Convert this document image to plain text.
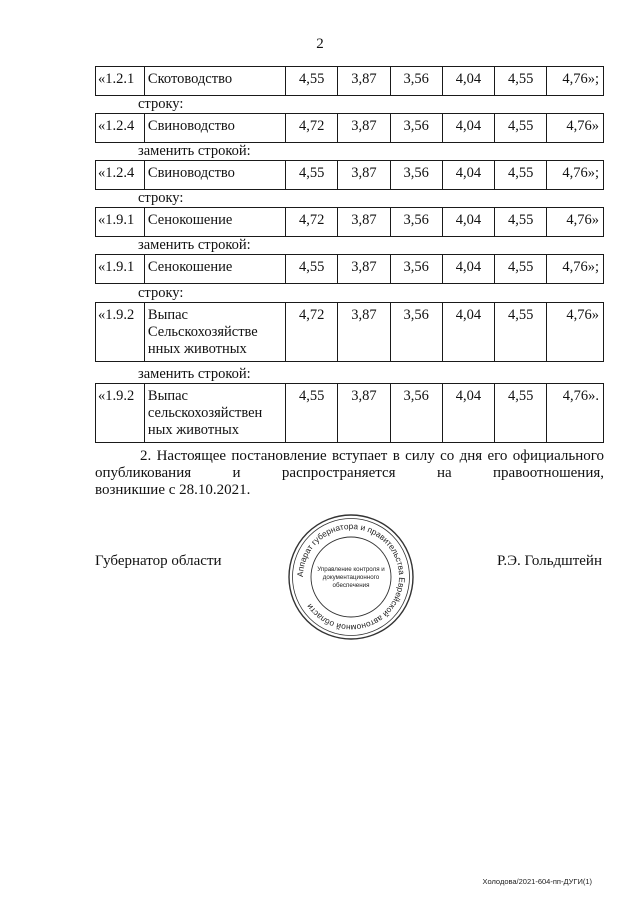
2
«1.2.1	Скотоводство	4,55	3,87	3,56	4,04	4,55	4,76»;
строку:
«1.2.4	Свиноводство	4,72	3,87	3,56	4,04	4,55	4,76»
заменить строкой:
«1.2.4	Свиноводство	4,55	3,87	3,56	4,04	4,55	4,76»;
строку:
«1.9.1	Сенокошение	4,72	3,87	3,56	4,04	4,55	4,76»
заменить строкой:
«1.9.1	Сенокошение	4,55	3,87	3,56	4,04	4,55	4,76»;
строку:
«1.9.2	Выпас
Сельскохозяйстве
нных животных
	4,72	3,87	3,56	4,04	4,55	4,76»
заменить строкой:
«1.9.2	Выпас
сельскохозяйствен
ных животных
	4,55	3,87	3,56	4,04	4,55	4,76».
2. Настоящее постановление вступает в силу со дня его официального
опубликования и распространяется на правоотношения,
возникшие с 28.10.2021.
Губернатор области
Аппарат губернатора и правительства Еврейской автономной области
Управление контроля и
документационного
обеспечения
Р.Э. Гольдштейн
Холодова/2021-604-пп-ДУГИ(1)
